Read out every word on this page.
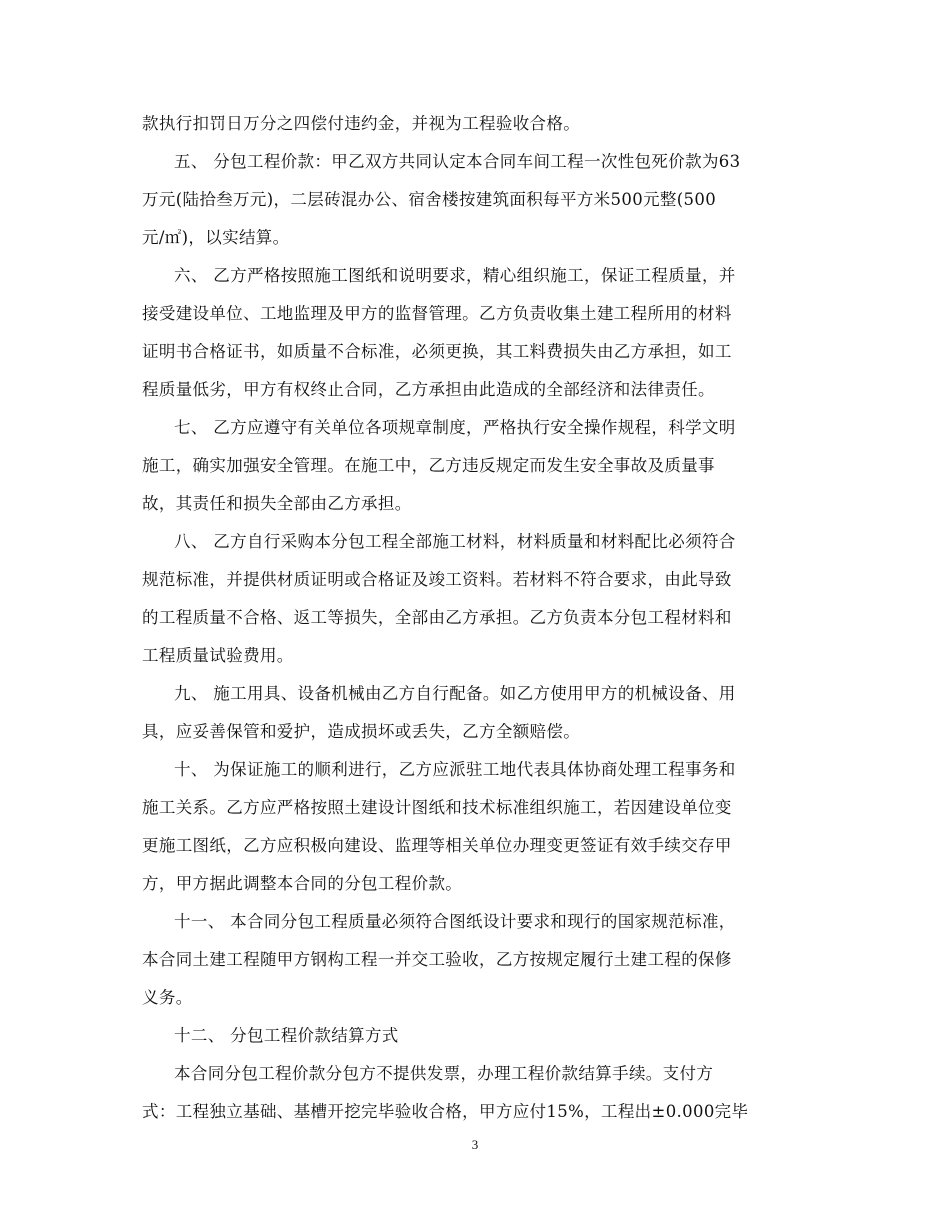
款执行扣罚日万分之四偿付违约金，并视为工程验收合格。
五、 分包工程价款：甲乙双方共同认定本合同车间工程一次性包死价款为63
万元(陆拾叁万元)，二层砖混办公、宿舍楼按建筑面积每平方米500元整(500
元/㎡)，以实结算。
六、 乙方严格按照施工图纸和说明要求，精心组织施工，保证工程质量，并
接受建设单位、工地监理及甲方的监督管理。乙方负责收集土建工程所用的材料
证明书合格证书，如质量不合标准，必须更换，其工料费损失由乙方承担，如工
程质量低劣，甲方有权终止合同，乙方承担由此造成的全部经济和法律责任。
七、 乙方应遵守有关单位各项规章制度，严格执行安全操作规程，科学文明
施工，确实加强安全管理。在施工中，乙方违反规定而发生安全事故及质量事
故，其责任和损失全部由乙方承担。
八、 乙方自行采购本分包工程全部施工材料，材料质量和材料配比必须符合
规范标准，并提供材质证明或合格证及竣工资料。若材料不符合要求，由此导致
的工程质量不合格、返工等损失，全部由乙方承担。乙方负责本分包工程材料和
工程质量试验费用。
九、 施工用具、设备机械由乙方自行配备。如乙方使用甲方的机械设备、用
具，应妥善保管和爱护，造成损坏或丢失，乙方全额赔偿。
十、 为保证施工的顺利进行，乙方应派驻工地代表具体协商处理工程事务和
施工关系。乙方应严格按照土建设计图纸和技术标准组织施工，若因建设单位变
更施工图纸，乙方应积极向建设、监理等相关单位办理变更签证有效手续交存甲
方，甲方据此调整本合同的分包工程价款。
十一、 本合同分包工程质量必须符合图纸设计要求和现行的国家规范标准，
本合同土建工程随甲方钢构工程一并交工验收，乙方按规定履行土建工程的保修
义务。
十二、 分包工程价款结算方式
本合同分包工程价款分包方不提供发票，办理工程价款结算手续。支付方
式：工程独立基础、基槽开挖完毕验收合格，甲方应付15%，工程出±0.000完毕
3
